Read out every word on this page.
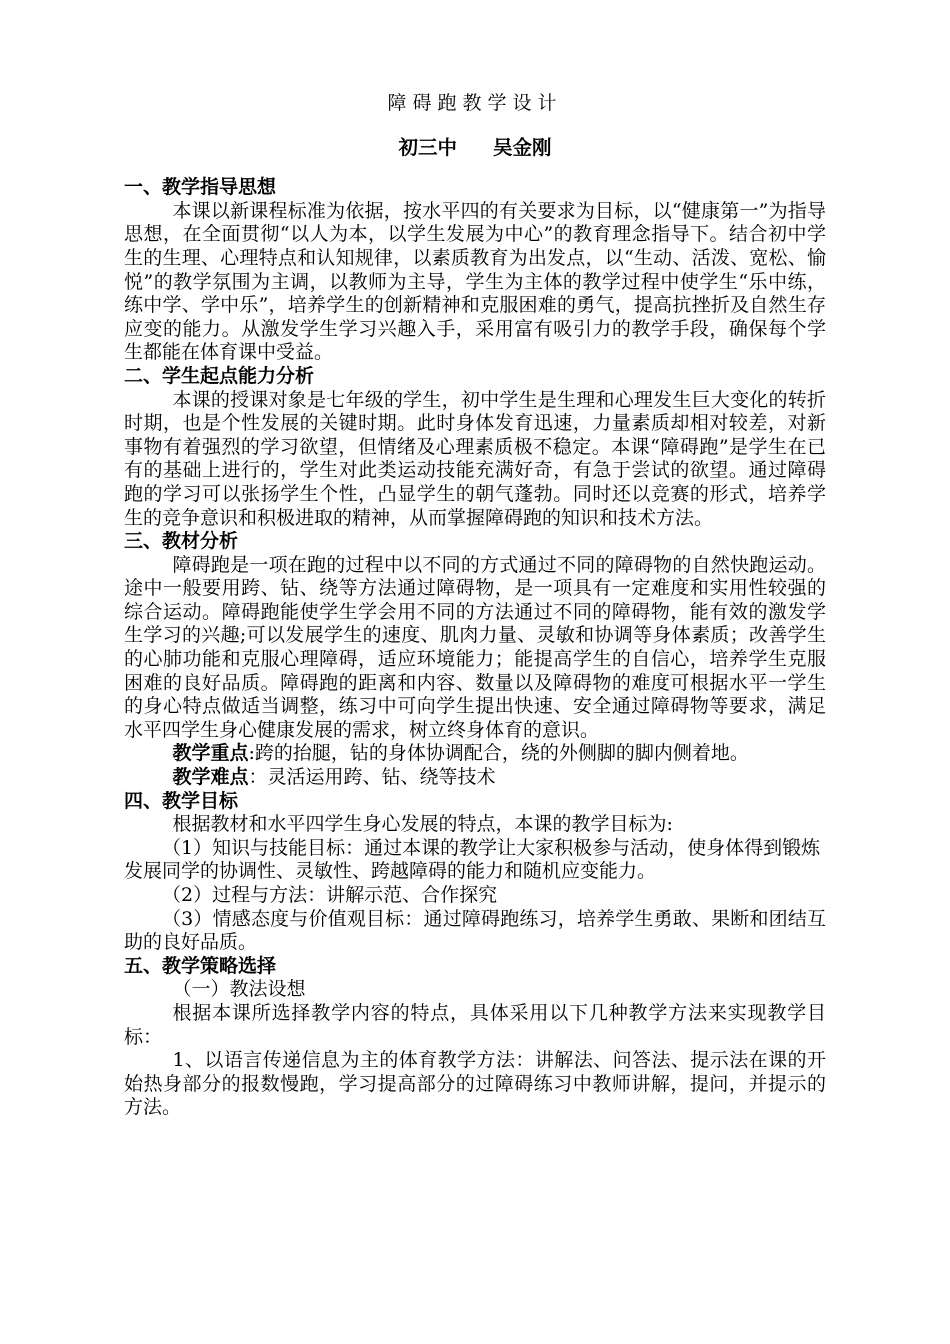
障碍跑教学设计
初三中 吴金刚
一、教学指导思想

本课以新课程标准为依据，按水平四的有关要求为目标，以“健康第一”为指导思想，在全面贯彻“以人为本，以学生发展为中心”的教育理念指导下。结合初中学生的生理、心理特点和认知规律，以素质教育为出发点，以“生动、活泼、宽松、愉悦”的教学氛围为主调，以教师为主导，学生为主体的教学过程中使学生“乐中练，练中学、学中乐”，培养学生的创新精神和克服困难的勇气，提高抗挫折及自然生存应变的能力。从激发学生学习兴趣入手，采用富有吸引力的教学手段，确保每个学生都能在体育课中受益。

二、学生起点能力分析

本课的授课对象是七年级的学生，初中学生是生理和心理发生巨大变化的转折时期，也是个性发展的关键时期。此时身体发育迅速，力量素质却相对较差，对新事物有着强烈的学习欲望，但情绪及心理素质极不稳定。本课“障碍跑”是学生在已有的基础上进行的，学生对此类运动技能充满好奇，有急于尝试的欲望。通过障碍跑的学习可以张扬学生个性，凸显学生的朝气蓬勃。同时还以竞赛的形式，培养学生的竞争意识和积极进取的精神，从而掌握障碍跑的知识和技术方法。

三、教材分析

障碍跑是一项在跑的过程中以不同的方式通过不同的障碍物的自然快跑运动。途中一般要用跨、钻、绕等方法通过障碍物，是一项具有一定难度和实用性较强的综合运动。障碍跑能使学生学会用不同的方法通过不同的障碍物，能有效的激发学生学习的兴趣;可以发展学生的速度、肌肉力量、灵敏和协调等身体素质；改善学生的心肺功能和克服心理障碍，适应环境能力；能提高学生的自信心，培养学生克服困难的良好品质。障碍跑的距离和内容、数量以及障碍物的难度可根据水平一学生的身心特点做适当调整，练习中可向学生提出快速、安全通过障碍物等要求，满足水平四学生身心健康发展的需求，树立终身体育的意识。

教学重点:跨的抬腿，钻的身体协调配合，绕的外侧脚的脚内侧着地。

教学难点：灵活运用跨、钻、绕等技术

四、教学目标

根据教材和水平四学生身心发展的特点，本课的教学目标为:

（1）知识与技能目标：通过本课的教学让大家积极参与活动，使身体得到锻炼

发展同学的协调性、灵敏性、跨越障碍的能力和随机应变能力。

（2）过程与方法：讲解示范、合作探究

（3）情感态度与价值观目标：通过障碍跑练习，培养学生勇敢、果断和团结互助的良好品质。

五、教学策略选择

（一）教法设想

根据本课所选择教学内容的特点，具体采用以下几种教学方法来实现教学目标：

1、以语言传递信息为主的体育教学方法：讲解法、问答法、提示法在课的开始热身部分的报数慢跑，学习提高部分的过障碍练习中教师讲解，提问，并提示的方法。
